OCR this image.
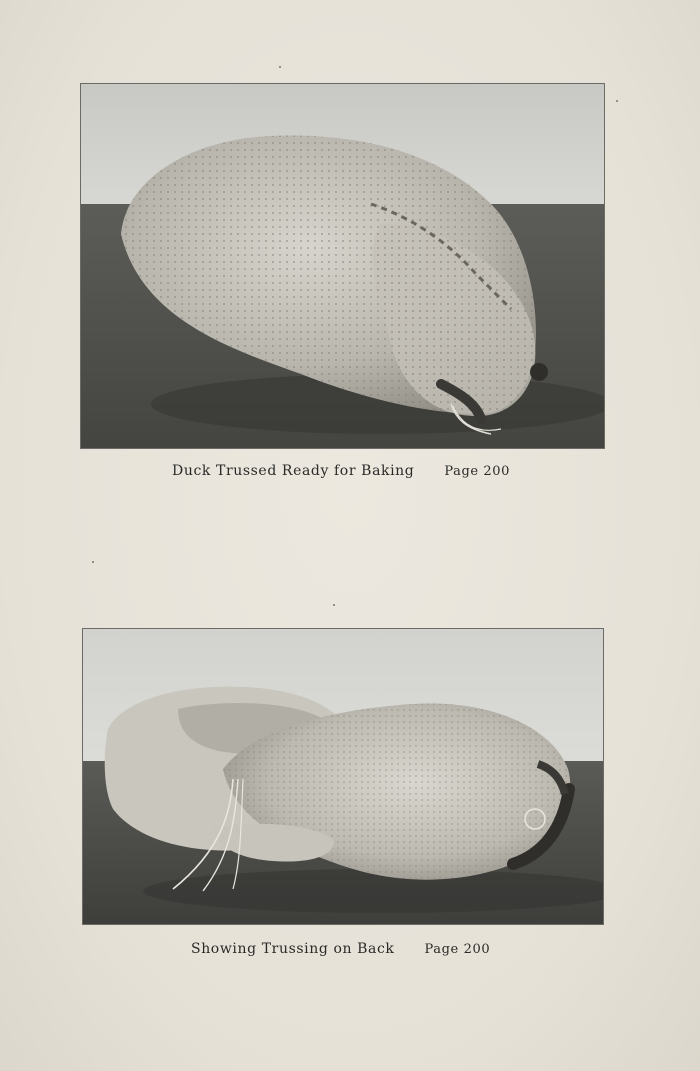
Duck Trussed Ready for Baking Page 200
Showing Trussing on Back Page 200
